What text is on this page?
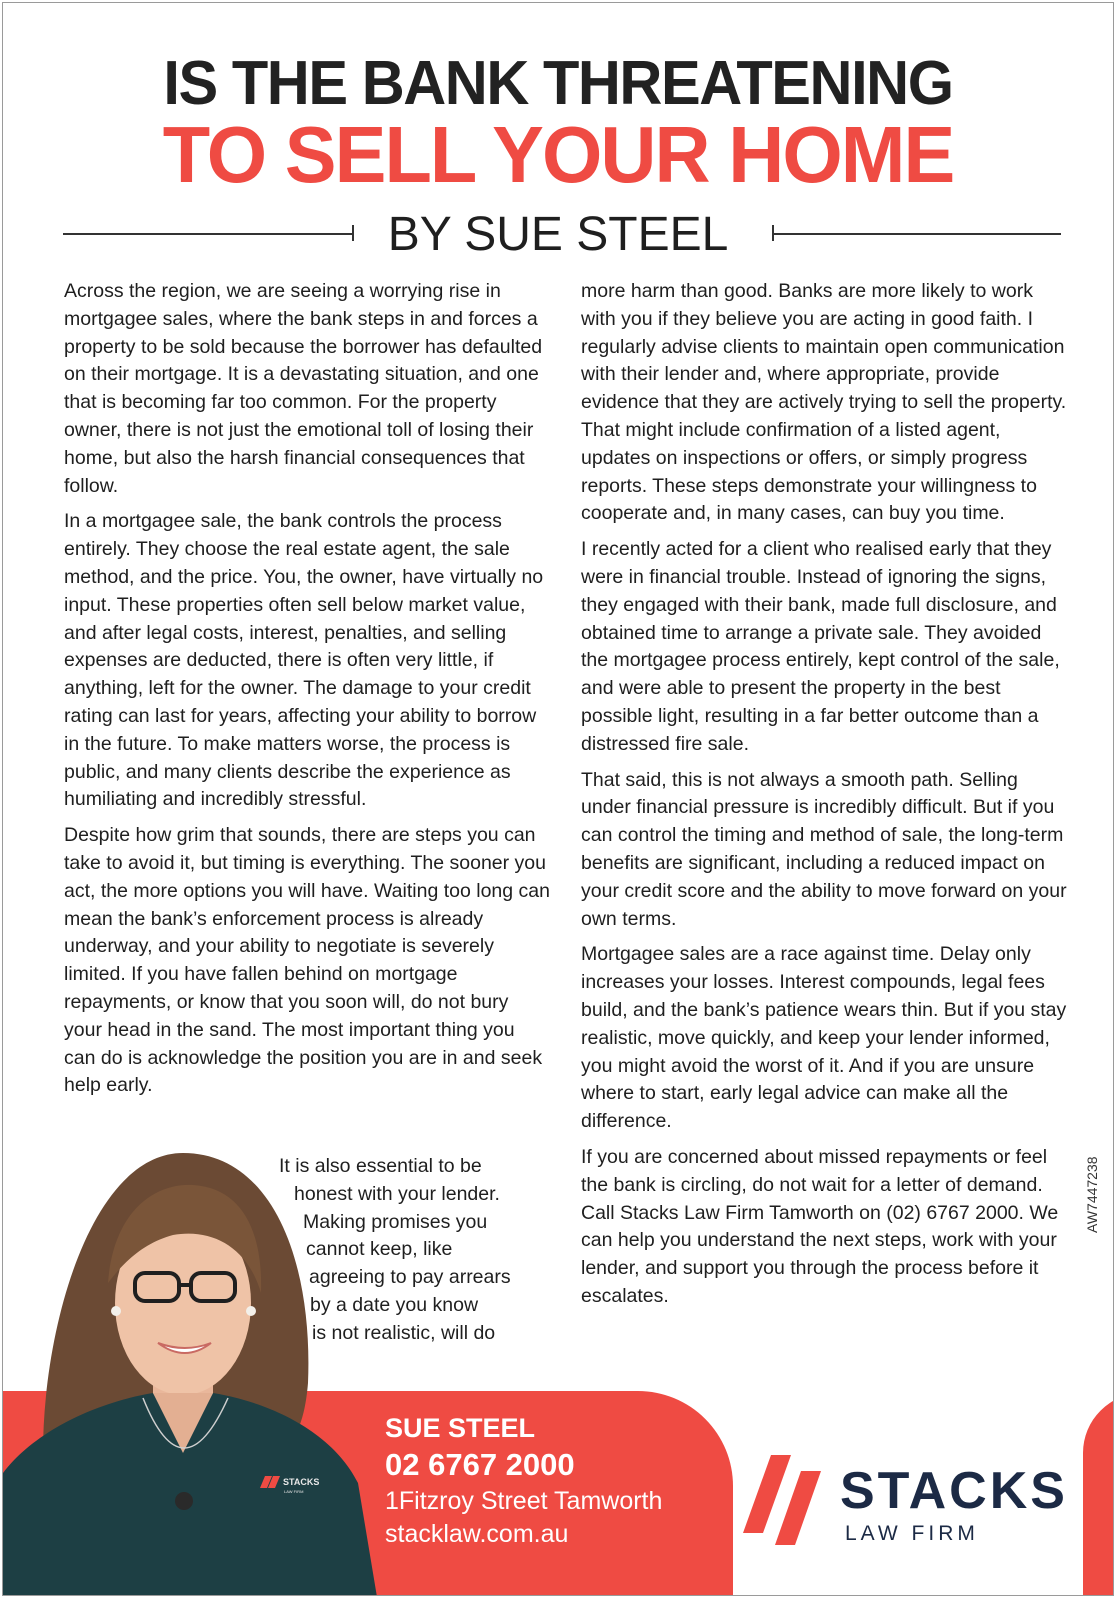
IS THE BANK THREATENING
TO SELL YOUR HOME
BY SUE STEEL

Across the region, we are seeing a worrying rise in mortgagee sales, where the bank steps in and forces a property to be sold because the borrower has defaulted on their mortgage. It is a devastating situation, and one that is becoming far too common. For the property owner, there is not just the emotional toll of losing their home, but also the harsh financial consequences that follow.

In a mortgagee sale, the bank controls the process entirely. They choose the real estate agent, the sale method, and the price. You, the owner, have virtually no input. These properties often sell below market value, and after legal costs, interest, penalties, and selling expenses are deducted, there is often very little, if anything, left for the owner. The damage to your credit rating can last for years, affecting your ability to borrow in the future. To make matters worse, the process is public, and many clients describe the experience as humiliating and incredibly stressful.

Despite how grim that sounds, there are steps you can take to avoid it, but timing is everything. The sooner you act, the more options you will have. Waiting too long can mean the bank’s enforcement process is already underway, and your ability to negotiate is severely limited. If you have fallen behind on mortgage repayments, or know that you soon will, do not bury your head in the sand. The most important thing you can do is acknowledge the position you are in and seek help early.

It is also essential to be
honest with your lender.
Making promises you
cannot keep, like
agreeing to pay arrears
by a date you know
is not realistic, will do

more harm than good. Banks are more likely to work with you if they believe you are acting in good faith. I regularly advise clients to maintain open communication with their lender and, where appropriate, provide evidence that they are actively trying to sell the property. That might include confirmation of a listed agent, updates on inspections or offers, or simply progress reports. These steps demonstrate your willingness to cooperate and, in many cases, can buy you time.

I recently acted for a client who realised early that they were in financial trouble. Instead of ignoring the signs, they engaged with their bank, made full disclosure, and obtained time to arrange a private sale. They avoided the mortgagee process entirely, kept control of the sale, and were able to present the property in the best possible light, resulting in a far better outcome than a distressed fire sale.

That said, this is not always a smooth path. Selling under financial pressure is incredibly difficult. But if you can control the timing and method of sale, the long-term benefits are significant, including a reduced impact on your credit score and the ability to move forward on your own terms.

Mortgagee sales are a race against time. Delay only increases your losses. Interest compounds, legal fees build, and the bank’s patience wears thin. But if you stay realistic, move quickly, and keep your lender informed, you might avoid the worst of it. And if you are unsure where to start, early legal advice can make all the difference.

If you are concerned about missed repayments or feel the bank is circling, do not wait for a letter of demand. Call Stacks Law Firm Tamworth on (02) 6767 2000. We can help you understand the next steps, work with your lender, and support you through the process before it escalates.

AW7447238
STACKS
LAW FIRM
SUE STEEL
02 6767 2000
1Fitzroy Street Tamworth
stacklaw.com.au
STACKS
LAW FIRM
